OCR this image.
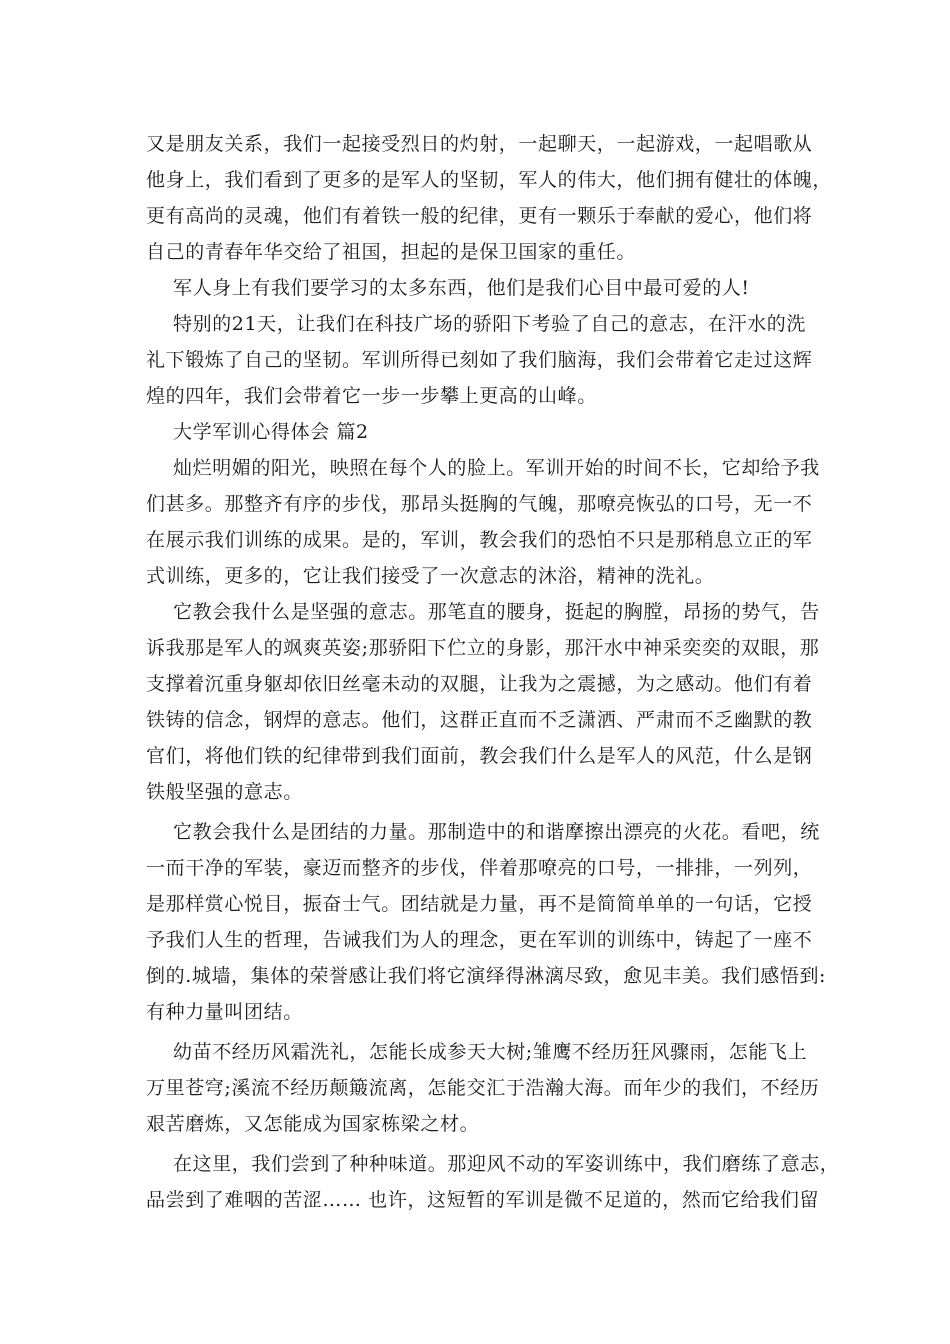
又是朋友关系，我们一起接受烈日的灼射，一起聊天，一起游戏，一起唱歌从
他身上，我们看到了更多的是军人的坚韧，军人的伟大，他们拥有健壮的体魄，
更有高尚的灵魂，他们有着铁一般的纪律，更有一颗乐于奉献的爱心，他们将
自己的青春年华交给了祖国，担起的是保卫国家的重任。
军人身上有我们要学习的太多东西，他们是我们心目中最可爱的人!
特别的21天，让我们在科技广场的骄阳下考验了自己的意志，在汗水的洗
礼下锻炼了自己的坚韧。军训所得已刻如了我们脑海，我们会带着它走过这辉
煌的四年，我们会带着它一步一步攀上更高的山峰。
大学军训心得体会 篇2
灿烂明媚的阳光，映照在每个人的脸上。军训开始的时间不长，它却给予我
们甚多。那整齐有序的步伐，那昂头挺胸的气魄，那嘹亮恢弘的口号，无一不
在展示我们训练的成果。是的，军训，教会我们的恐怕不只是那稍息立正的军
式训练，更多的，它让我们接受了一次意志的沐浴，精神的洗礼。
它教会我什么是坚强的意志。那笔直的腰身，挺起的胸膛，昂扬的势气，告
诉我那是军人的飒爽英姿;那骄阳下伫立的身影，那汗水中神采奕奕的双眼，那
支撑着沉重身躯却依旧丝毫未动的双腿，让我为之震撼，为之感动。他们有着
铁铸的信念，钢焊的意志。他们，这群正直而不乏潇洒、严肃而不乏幽默的教
官们，将他们铁的纪律带到我们面前，教会我们什么是军人的风范，什么是钢
铁般坚强的意志。
它教会我什么是团结的力量。那制造中的和谐摩擦出漂亮的火花。看吧，统
一而干净的军装，豪迈而整齐的步伐，伴着那嘹亮的口号，一排排，一列列，
是那样赏心悦目，振奋士气。团结就是力量，再不是简简单单的一句话，它授
予我们人生的哲理，告诫我们为人的理念，更在军训的训练中，铸起了一座不
倒的.城墙，集体的荣誉感让我们将它演绎得淋漓尽致，愈见丰美。我们感悟到:
有种力量叫团结。
幼苗不经历风霜洗礼，怎能长成参天大树;雏鹰不经历狂风骤雨，怎能飞上
万里苍穹;溪流不经历颠簸流离，怎能交汇于浩瀚大海。而年少的我们，不经历
艰苦磨炼，又怎能成为国家栋梁之材。
在这里，我们尝到了种种味道。那迎风不动的军姿训练中，我们磨练了意志，
品尝到了难咽的苦涩…… 也许，这短暂的军训是微不足道的，然而它给我们留
